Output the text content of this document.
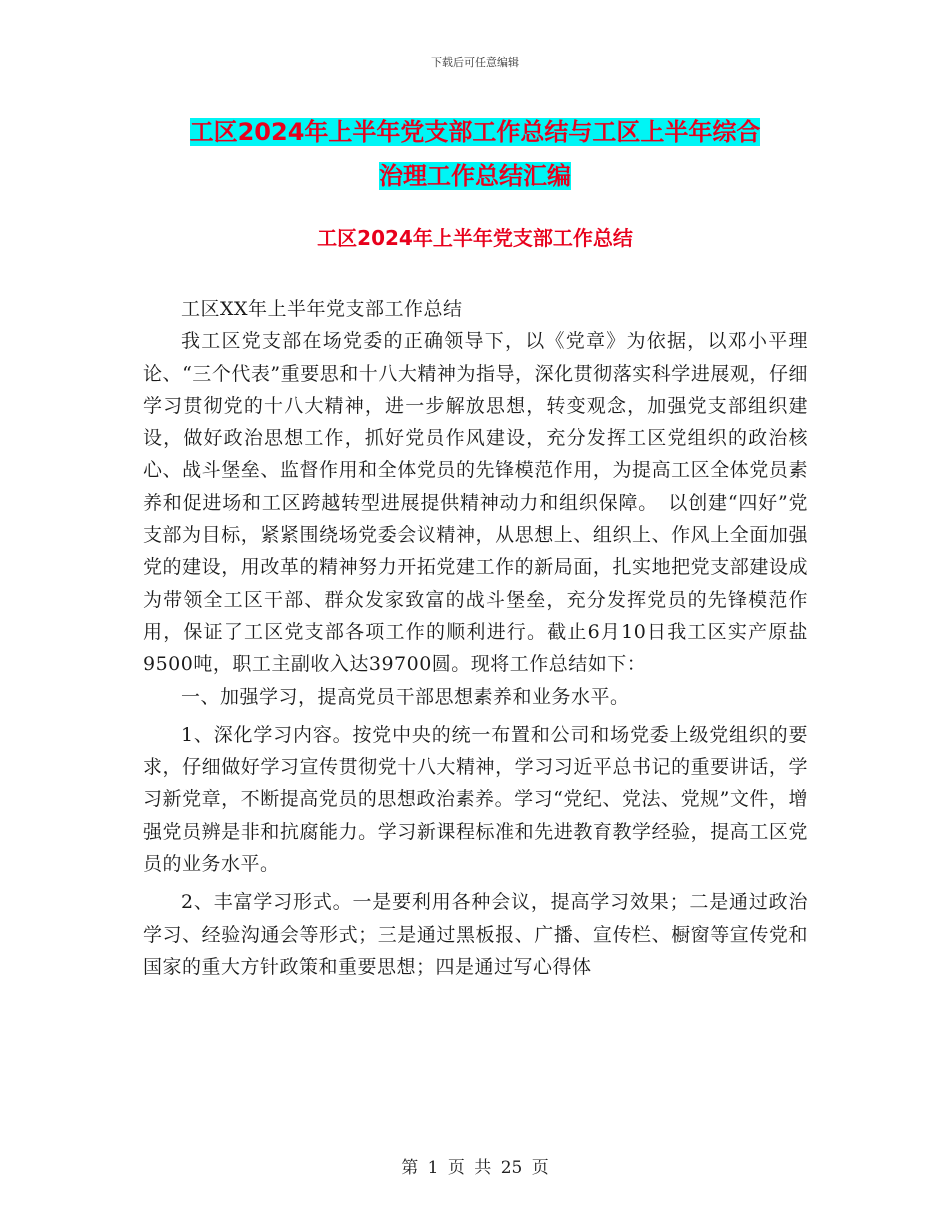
下载后可任意编辑
工区2024年上半年党支部工作总结与工区上半年综合
治理工作总结汇编
工区2024年上半年党支部工作总结

工区XX年上半年党支部工作总结

我工区党支部在场党委的正确领导下，以《党章》为依据，以邓小平理论、“三个代表”重要思和十八大精神为指导，深化贯彻落实科学进展观，仔细学习贯彻党的十八大精神，进一步解放思想，转变观念，加强党支部组织建设，做好政治思想工作，抓好党员作风建设，充分发挥工区党组织的政治核心、战斗堡垒、监督作用和全体党员的先锋模范作用，为提高工区全体党员素养和促进场和工区跨越转型进展提供精神动力和组织保障。　以创建“四好”党支部为目标，紧紧围绕场党委会议精神，从思想上、组织上、作风上全面加强党的建设，用改革的精神努力开拓党建工作的新局面，扎实地把党支部建设成为带领全工区干部、群众发家致富的战斗堡垒，充分发挥党员的先锋模范作用，保证了工区党支部各项工作的顺利进行。截止6月10日我工区实产原盐9500吨，职工主副收入达39700圆。现将工作总结如下：

一、加强学习，提高党员干部思想素养和业务水平。

1、深化学习内容。按党中央的统一布置和公司和场党委上级党组织的要求，仔细做好学习宣传贯彻党十八大精神，学习习近平总书记的重要讲话，学习新党章，不断提高党员的思想政治素养。学习“党纪、党法、党规”文件，增强党员辨是非和抗腐能力。学习新课程标准和先进教育教学经验，提高工区党员的业务水平。

2、丰富学习形式。一是要利用各种会议，提高学习效果；二是通过政治学习、经验沟通会等形式；三是通过黑板报、广播、宣传栏、橱窗等宣传党和国家的重大方针政策和重要思想；四是通过写心得体

第 1 页 共 25 页
